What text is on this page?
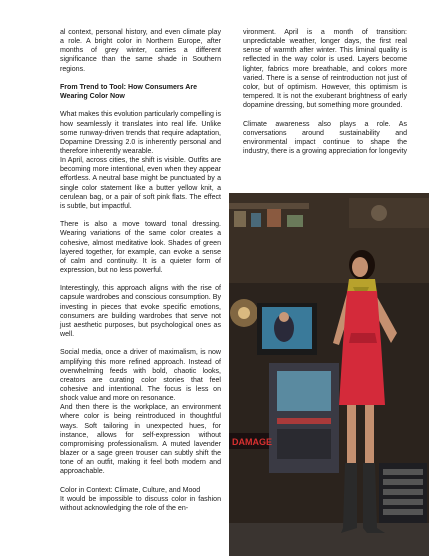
al context, personal history, and even climate play a role. A bright color in Northern Europe, after months of grey winter, carries a different significance than the same shade in Southern regions.

From Trend to Tool: How Consumers Are Wearing Color Now

What makes this evolution particularly compelling is how seamlessly it translates into real life. Unlike some runway-driven trends that require adaptation, Dopamine Dressing 2.0 is inherently personal and therefore inherently wearable.

In April, across cities, the shift is visible. Outfits are becoming more intentional, even when they appear effortless. A neutral base might be punctuated by a single color statement like a butter yellow knit, a cerulean bag, or a pair of soft pink flats. The effect is subtle, but impactful.

There is also a move toward tonal dressing. Wearing variations of the same color creates a cohesive, almost meditative look. Shades of green layered together, for example, can evoke a sense of calm and continuity. It is a quieter form of expression, but no less powerful.

Interestingly, this approach aligns with the rise of capsule wardrobes and conscious consumption. By investing in pieces that evoke specific emotions, consumers are building wardrobes that serve not just aesthetic purposes, but psychological ones as well.

Social media, once a driver of maximalism, is now amplifying this more refined approach. Instead of overwhelming feeds with bold, chaotic looks, creators are curating color stories that feel cohesive and intentional. The focus is less on shock value and more on resonance.

And then there is the workplace, an environment where color is being reintroduced in thoughtful ways. Soft tailoring in unexpected hues, for instance, allows for self-expression without compromising professionalism. A muted lavender blazer or a sage green trouser can subtly shift the tone of an outfit, making it feel both modern and approachable.

Color in Context: Climate, Culture, and Mood

It would be impossible to discuss color in fashion without acknowledging the role of the en-

vironment. April is a month of transition: unpredictable weather, longer days, the first real sense of warmth after winter. This liminal quality is reflected in the way color is used. Layers become lighter, fabrics more breathable, and colors more varied. There is a sense of reintroduction not just of color, but of optimism. However, this optimism is tempered. It is not the exuberant brightness of early dopamine dressing, but something more grounded.

Climate awareness also plays a role. As conversations around sustainability and environmental impact continue to shape the industry, there is a growing appreciation for longevity

DAMAGE
